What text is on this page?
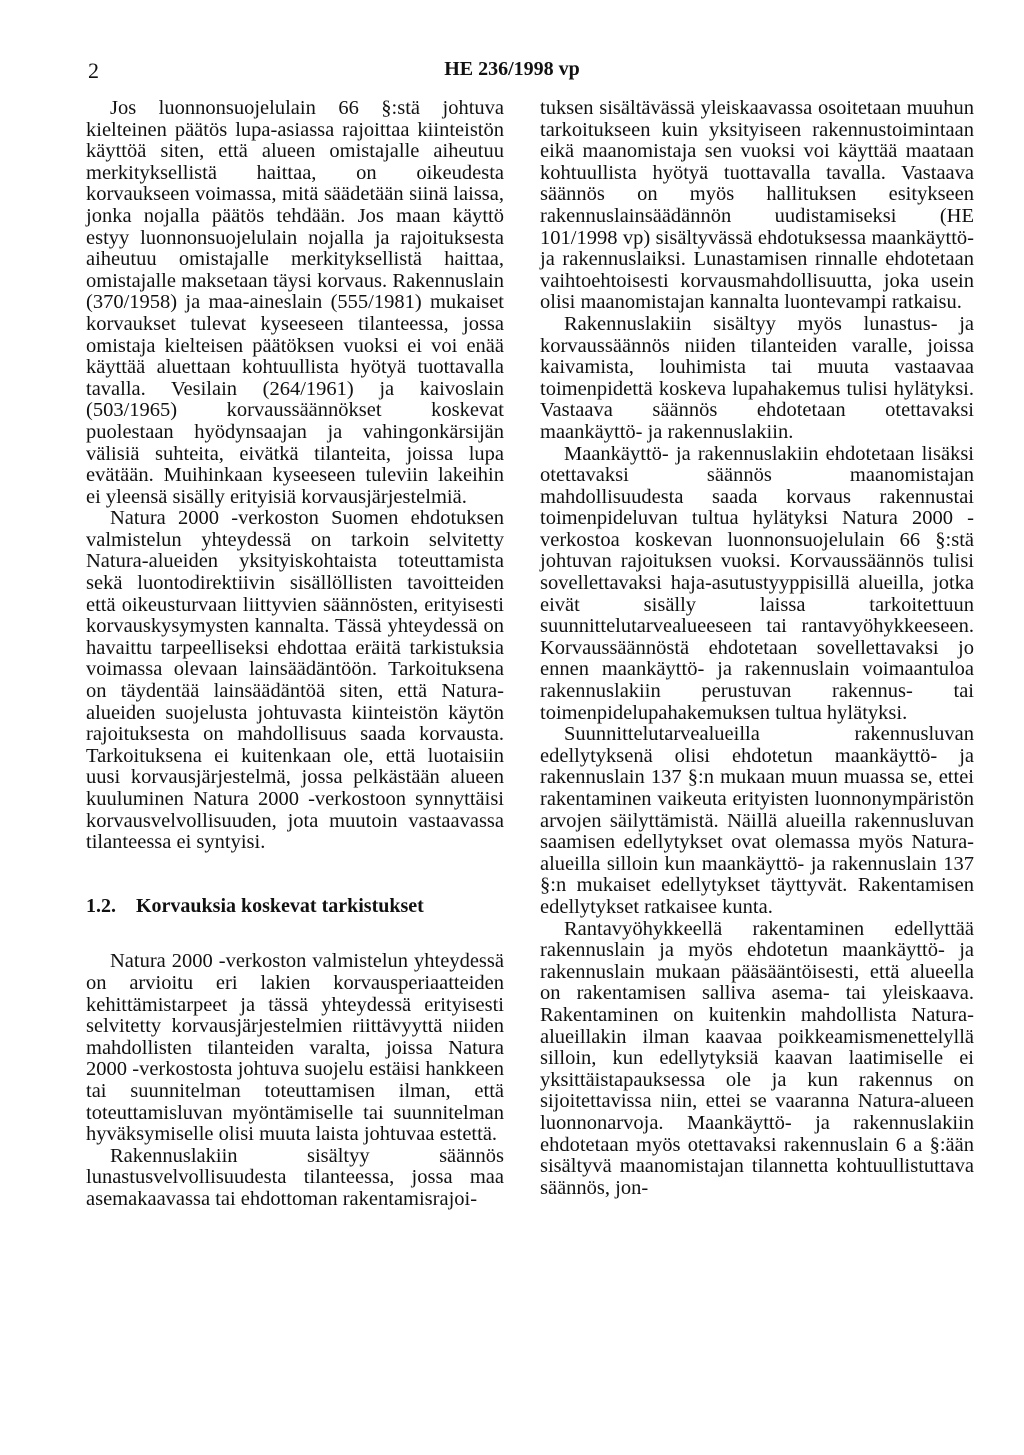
2	HE 236/1998 vp

Jos luonnonsuojelulain 66 §:stä johtuva kielteinen päätös lupa-asiassa rajoittaa kiinteistön käyttöä siten, että alueen omistajalle aiheutuu merkityksellistä haittaa, on oikeudesta korvaukseen voimassa, mitä säädetään siinä laissa, jonka nojalla päätös tehdään. Jos maan käyttö estyy luonnonsuojelulain nojalla ja rajoituksesta aiheutuu omistajalle merkityksellistä haittaa, omistajalle maksetaan täysi korvaus. Rakennuslain (370/1958) ja maa-aineslain (555/1981) mukaiset korvaukset tulevat kyseeseen tilanteessa, jossa omistaja kielteisen päätöksen vuoksi ei voi enää käyttää aluettaan kohtuullista hyötyä tuottavalla tavalla. Vesilain (264/1961) ja kaivoslain (503/1965) korvaussäännökset koskevat puolestaan hyödynsaajan ja vahingonkärsijän välisiä suhteita, eivätkä tilanteita, joissa lupa evätään. Muihinkaan kyseeseen tuleviin lakeihin ei yleensä sisälly erityisiä korvausjärjestelmiä.

Natura 2000 -verkoston Suomen ehdotuksen valmistelun yhteydessä on tarkoin selvitetty Natura-alueiden yksityiskohtaista toteuttamista sekä luontodirektiivin sisällöllisten tavoitteiden että oikeusturvaan liittyvien säännösten, erityisesti korvauskysymysten kannalta. Tässä yhteydessä on havaittu tarpeelliseksi ehdottaa eräitä tarkistuksia voimassa olevaan lainsäädäntöön. Tarkoituksena on täydentää lainsäädäntöä siten, että Natura-alueiden suojelusta johtuvasta kiinteistön käytön rajoituksesta on mahdollisuus saada korvausta. Tarkoituksena ei kuitenkaan ole, että luotaisiin uusi korvausjärjestelmä, jossa pelkästään alueen kuuluminen Natura 2000 -verkostoon synnyttäisi korvausvelvollisuuden, jota muutoin vastaavassa tilanteessa ei syntyisi.

1.2. Korvauksia koskevat tarkistukset

Natura 2000 -verkoston valmistelun yhteydessä on arvioitu eri lakien korvausperiaatteiden kehittämistarpeet ja tässä yhteydessä erityisesti selvitetty korvausjärjestelmien riittävyyttä niiden mahdollisten tilanteiden varalta, joissa Natura 2000 -verkostosta johtuva suojelu estäisi hankkeen tai suunnitelman toteuttamisen ilman, että toteuttamisluvan myöntämiselle tai suunnitelman hyväksymiselle olisi muuta laista johtuvaa estettä.

Rakennuslakiin sisältyy säännös lunastusvelvollisuudesta tilanteessa, jossa maa asemakaavassa tai ehdottoman rakentamisrajoi-

tuksen sisältävässä yleiskaavassa osoitetaan muuhun tarkoitukseen kuin yksityiseen rakennustoimintaan eikä maanomistaja sen vuoksi voi käyttää maataan kohtuullista hyötyä tuottavalla tavalla. Vastaava säännös on myös hallituksen esitykseen rakennuslainsäädännön uudistamiseksi (HE 101/1998 vp) sisältyvässä ehdotuksessa maankäyttö- ja rakennuslaiksi. Lunastamisen rinnalle ehdotetaan vaihtoehtoisesti korvausmahdollisuutta, joka usein olisi maanomistajan kannalta luontevampi ratkaisu.

Rakennuslakiin sisältyy myös lunastus- ja korvaussäännös niiden tilanteiden varalle, joissa kaivamista, louhimista tai muuta vastaavaa toimenpidettä koskeva lupahakemus tulisi hylätyksi. Vastaava säännös ehdotetaan otettavaksi maankäyttö- ja rakennuslakiin.

Maankäyttö- ja rakennuslakiin ehdotetaan lisäksi otettavaksi säännös maanomistajan mahdollisuudesta saada korvaus rakennustai toimenpideluvan tultua hylätyksi Natura 2000 -verkostoa koskevan luonnonsuojelulain 66 §:stä johtuvan rajoituksen vuoksi. Korvaussäännös tulisi sovellettavaksi haja-asutustyyppisillä alueilla, jotka eivät sisälly laissa tarkoitettuun suunnittelutarvealueeseen tai rantavyöhykkeeseen. Korvaussäännöstä ehdotetaan sovellettavaksi jo ennen maankäyttö- ja rakennuslain voimaantuloa rakennuslakiin perustuvan rakennus- tai toimenpidelupahakemuksen tultua hylätyksi.

Suunnittelutarvealueilla rakennusluvan edellytyksenä olisi ehdotetun maankäyttö- ja rakennuslain 137 §:n mukaan muun muassa se, ettei rakentaminen vaikeuta erityisten luonnonympäristön arvojen säilyttämistä. Näillä alueilla rakennusluvan saamisen edellytykset ovat olemassa myös Natura-alueilla silloin kun maankäyttö- ja rakennuslain 137 §:n mukaiset edellytykset täyttyvät. Rakentamisen edellytykset ratkaisee kunta.

Rantavyöhykkeellä rakentaminen edellyttää rakennuslain ja myös ehdotetun maankäyttö- ja rakennuslain mukaan pääsääntöisesti, että alueella on rakentamisen salliva asema- tai yleiskaava. Rakentaminen on kuitenkin mahdollista Natura-alueillakin ilman kaavaa poikkeamismenettelyllä silloin, kun edellytyksiä kaavan laatimiselle ei yksittäistapauksessa ole ja kun rakennus on sijoitettavissa niin, ettei se vaaranna Natura-alueen luonnonarvoja. Maankäyttö- ja rakennuslakiin ehdotetaan myös otettavaksi rakennuslain 6 a §:ään sisältyvä maanomistajan tilannetta kohtuullistuttava säännös, jon-
